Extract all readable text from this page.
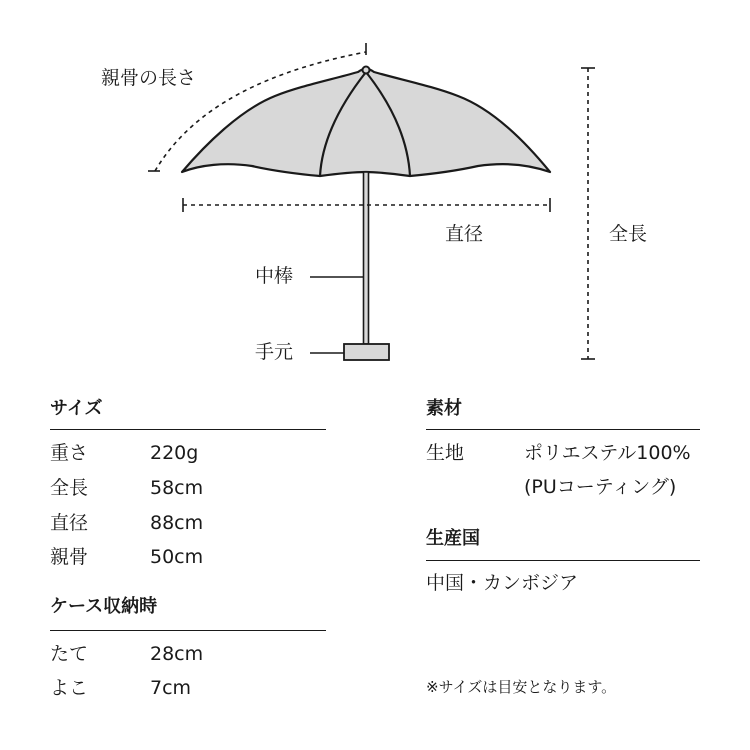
親骨の長さ
直径	全長
中棒
手元
サイズ
重さ	220g
全長	58cm
直径	88cm
親骨	50cm
ケース収納時
たて	28cm
よこ	7cm
素材
生地	ポリエステル100%
(PUコーティング)
生産国
中国・カンボジア
※サイズは目安となります。
